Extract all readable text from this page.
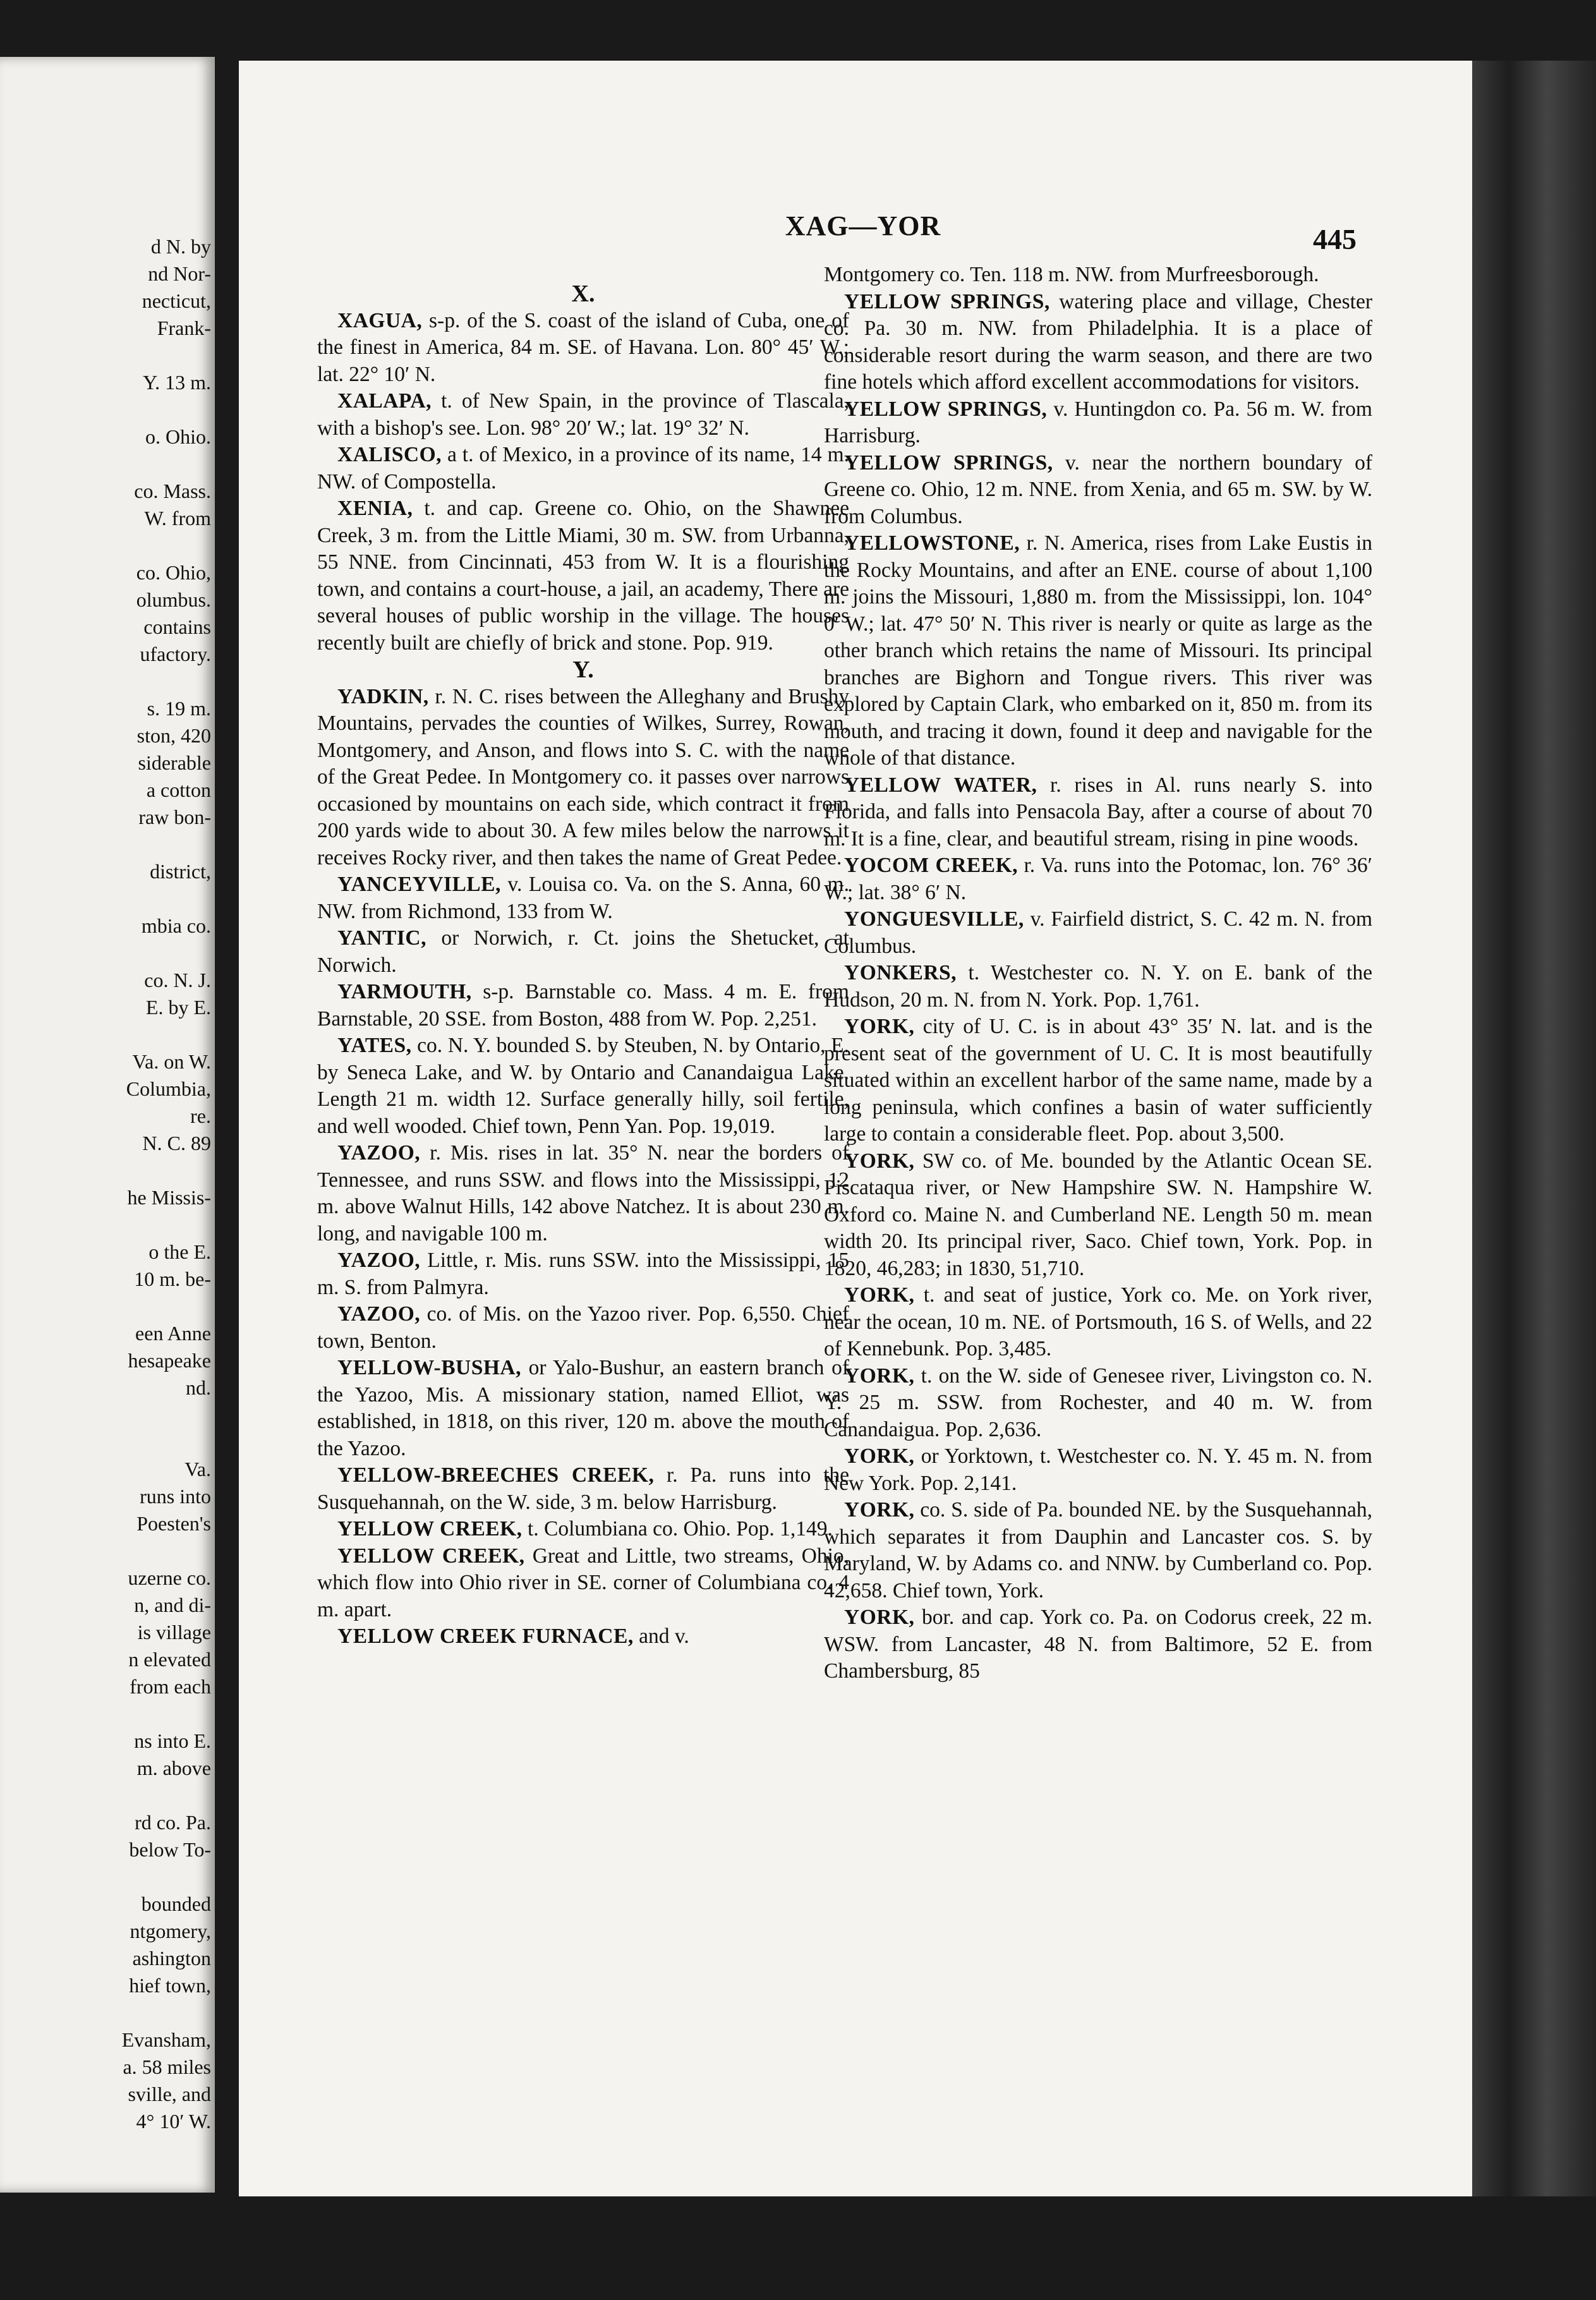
d N. by
nd Nor-
necticut,
Frank-
Y. 13 m.
o. Ohio.
co. Mass.
W. from
co. Ohio,
olumbus.
contains
ufactory.
s. 19 m.
ston, 420
siderable
a cotton
raw bon-
district,
mbia co.
co. N. J.
E. by E.
Va. on W.
Columbia,
re.
N. C. 89
he Missis-
o the E.
10 m. be-
een Anne
hesapeake
nd.
Va.
runs into
Poesten's
uzerne co.
n, and di-
is village
n elevated
from each
ns into E.
m. above
rd co. Pa.
below To-
bounded
ntgomery,
ashington
hief town,
Evansham,
a. 58 miles
sville, and
4° 10′ W.
XAG—YOR	445

X.

XAGUA, s-p. of the S. coast of the island of Cuba, one of the finest in America, 84 m. SE. of Havana. Lon. 80° 45′ W.; lat. 22° 10′ N.

XALAPA, t. of New Spain, in the province of Tlascala, with a bishop's see. Lon. 98° 20′ W.; lat. 19° 32′ N.

XALISCO, a t. of Mexico, in a province of its name, 14 m. NW. of Compostella.

XENIA, t. and cap. Greene co. Ohio, on the Shawnee Creek, 3 m. from the Little Miami, 30 m. SW. from Urbanna, 55 NNE. from Cincinnati, 453 from W. It is a flourishing town, and contains a court-house, a jail, an academy, There are several houses of public worship in the village. The houses recently built are chiefly of brick and stone. Pop. 919.

Y.

YADKIN, r. N. C. rises between the Alleghany and Brushy Mountains, pervades the counties of Wilkes, Surrey, Rowan, Montgomery, and Anson, and flows into S. C. with the name of the Great Pedee. In Montgomery co. it passes over narrows occasioned by mountains on each side, which contract it from 200 yards wide to about 30. A few miles below the narrows it receives Rocky river, and then takes the name of Great Pedee.

YANCEYVILLE, v. Louisa co. Va. on the S. Anna, 60 m. NW. from Richmond, 133 from W.

YANTIC, or Norwich, r. Ct. joins the Shetucket, at Norwich.

YARMOUTH, s-p. Barnstable co. Mass. 4 m. E. from Barnstable, 20 SSE. from Boston, 488 from W. Pop. 2,251.

YATES, co. N. Y. bounded S. by Steuben, N. by Ontario, E. by Seneca Lake, and W. by Ontario and Canandaigua Lake. Length 21 m. width 12. Surface generally hilly, soil fertile, and well wooded. Chief town, Penn Yan. Pop. 19,019.

YAZOO, r. Mis. rises in lat. 35° N. near the borders of Tennessee, and runs SSW. and flows into the Mississippi, 12 m. above Walnut Hills, 142 above Natchez. It is about 230 m. long, and navigable 100 m.

YAZOO, Little, r. Mis. runs SSW. into the Mississippi, 15 m. S. from Palmyra.

YAZOO, co. of Mis. on the Yazoo river. Pop. 6,550. Chief town, Benton.

YELLOW-BUSHA, or Yalo-Bushur, an eastern branch of the Yazoo, Mis. A missionary station, named Elliot, was established, in 1818, on this river, 120 m. above the mouth of the Yazoo.

YELLOW-BREECHES CREEK, r. Pa. runs into the Susquehannah, on the W. side, 3 m. below Harrisburg.

YELLOW CREEK, t. Columbiana co. Ohio. Pop. 1,149.

YELLOW CREEK, Great and Little, two streams, Ohio, which flow into Ohio river in SE. corner of Columbiana co. 4 m. apart.

YELLOW CREEK FURNACE, and v.

Montgomery co. Ten. 118 m. NW. from Murfreesborough.

YELLOW SPRINGS, watering place and village, Chester co. Pa. 30 m. NW. from Philadelphia. It is a place of considerable resort during the warm season, and there are two fine hotels which afford excellent accommodations for visitors.

YELLOW SPRINGS, v. Huntingdon co. Pa. 56 m. W. from Harrisburg.

YELLOW SPRINGS, v. near the northern boundary of Greene co. Ohio, 12 m. NNE. from Xenia, and 65 m. SW. by W. from Columbus.

YELLOWSTONE, r. N. America, rises from Lake Eustis in the Rocky Mountains, and after an ENE. course of about 1,100 m. joins the Missouri, 1,880 m. from the Mississippi, lon. 104° 0′ W.; lat. 47° 50′ N. This river is nearly or quite as large as the other branch which retains the name of Missouri. Its principal branches are Bighorn and Tongue rivers. This river was explored by Captain Clark, who embarked on it, 850 m. from its mouth, and tracing it down, found it deep and navigable for the whole of that distance.

YELLOW WATER, r. rises in Al. runs nearly S. into Florida, and falls into Pensacola Bay, after a course of about 70 m. It is a fine, clear, and beautiful stream, rising in pine woods.

YOCOM CREEK, r. Va. runs into the Potomac, lon. 76° 36′ W.; lat. 38° 6′ N.

YONGUESVILLE, v. Fairfield district, S. C. 42 m. N. from Columbus.

YONKERS, t. Westchester co. N. Y. on E. bank of the Hudson, 20 m. N. from N. York. Pop. 1,761.

YORK, city of U. C. is in about 43° 35′ N. lat. and is the present seat of the government of U. C. It is most beautifully situated within an excellent harbor of the same name, made by a long peninsula, which confines a basin of water sufficiently large to contain a considerable fleet. Pop. about 3,500.

YORK, SW co. of Me. bounded by the Atlantic Ocean SE. Piscataqua river, or New Hampshire SW. N. Hampshire W. Oxford co. Maine N. and Cumberland NE. Length 50 m. mean width 20. Its principal river, Saco. Chief town, York. Pop. in 1820, 46,283; in 1830, 51,710.

YORK, t. and seat of justice, York co. Me. on York river, near the ocean, 10 m. NE. of Portsmouth, 16 S. of Wells, and 22 of Kennebunk. Pop. 3,485.

YORK, t. on the W. side of Genesee river, Livingston co. N. Y. 25 m. SSW. from Rochester, and 40 m. W. from Canandaigua. Pop. 2,636.

YORK, or Yorktown, t. Westchester co. N. Y. 45 m. N. from New York. Pop. 2,141.

YORK, co. S. side of Pa. bounded NE. by the Susquehannah, which separates it from Dauphin and Lancaster cos. S. by Maryland, W. by Adams co. and NNW. by Cumberland co. Pop. 42,658. Chief town, York.

YORK, bor. and cap. York co. Pa. on Codorus creek, 22 m. WSW. from Lancaster, 48 N. from Baltimore, 52 E. from Chambersburg, 85
